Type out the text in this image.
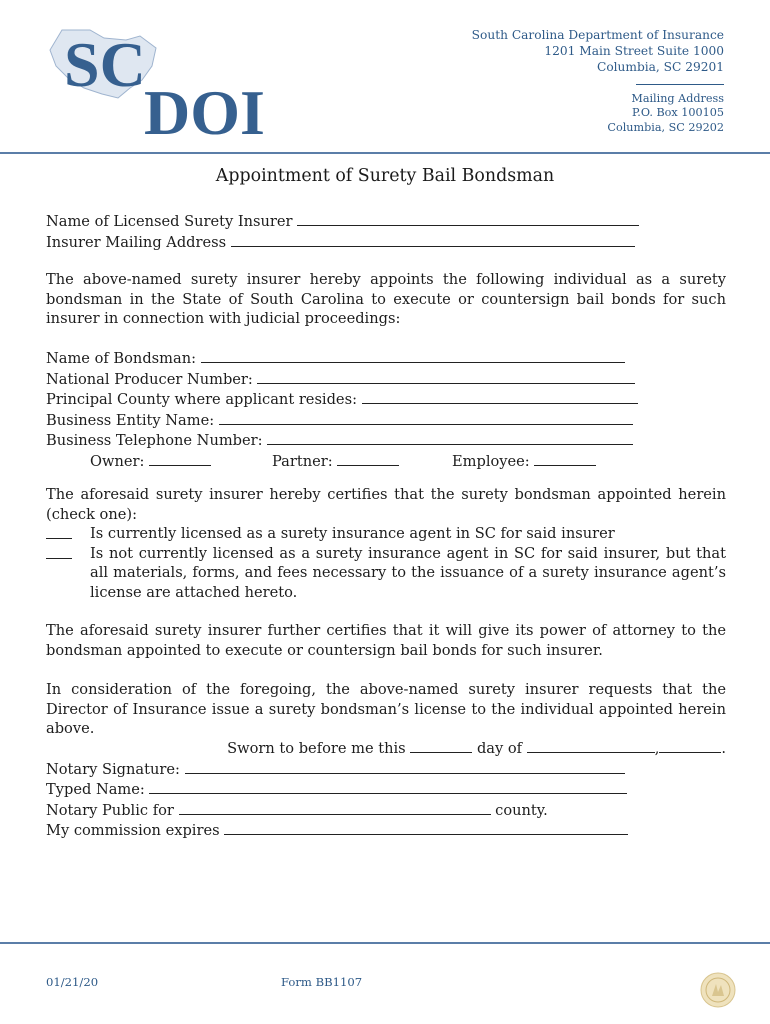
SC
DOI
South Carolina Department of Insurance
1201 Main Street Suite 1000
Columbia, SC 29201
Mailing Address
P.O. Box 100105
Columbia, SC 29202
Appointment of Surety Bail Bondsman
Name of Licensed Surety Insurer
Insurer Mailing Address
The above-named surety insurer hereby appoints the following individual as a surety bondsman in the State of South Carolina to execute or countersign bail bonds for such insurer in connection with judicial proceedings:
Name of Bondsman:
National Producer Number:
Principal County where applicant resides:
Business Entity Name:
Business Telephone Number:
Owner:	Partner:	Employee:
The aforesaid surety insurer hereby certifies that the surety bondsman appointed herein (check one):
Is currently licensed as a surety insurance agent in SC for said insurer
Is not currently licensed as a surety insurance agent in SC for said insurer, but that all materials, forms, and fees necessary to the issuance of a surety insurance agent’s license are attached hereto.
The aforesaid surety insurer further certifies that it will give its power of attorney to the bondsman appointed to execute or countersign bail bonds for such insurer.
In consideration of the foregoing, the above-named surety insurer requests that the Director of Insurance issue a surety bondsman’s license to the individual appointed herein above.
Sworn to before me this	day of	,	.
Notary Signature:
Typed Name:
Notary Public for	county.
My commission expires
01/21/20	Form BB1107
